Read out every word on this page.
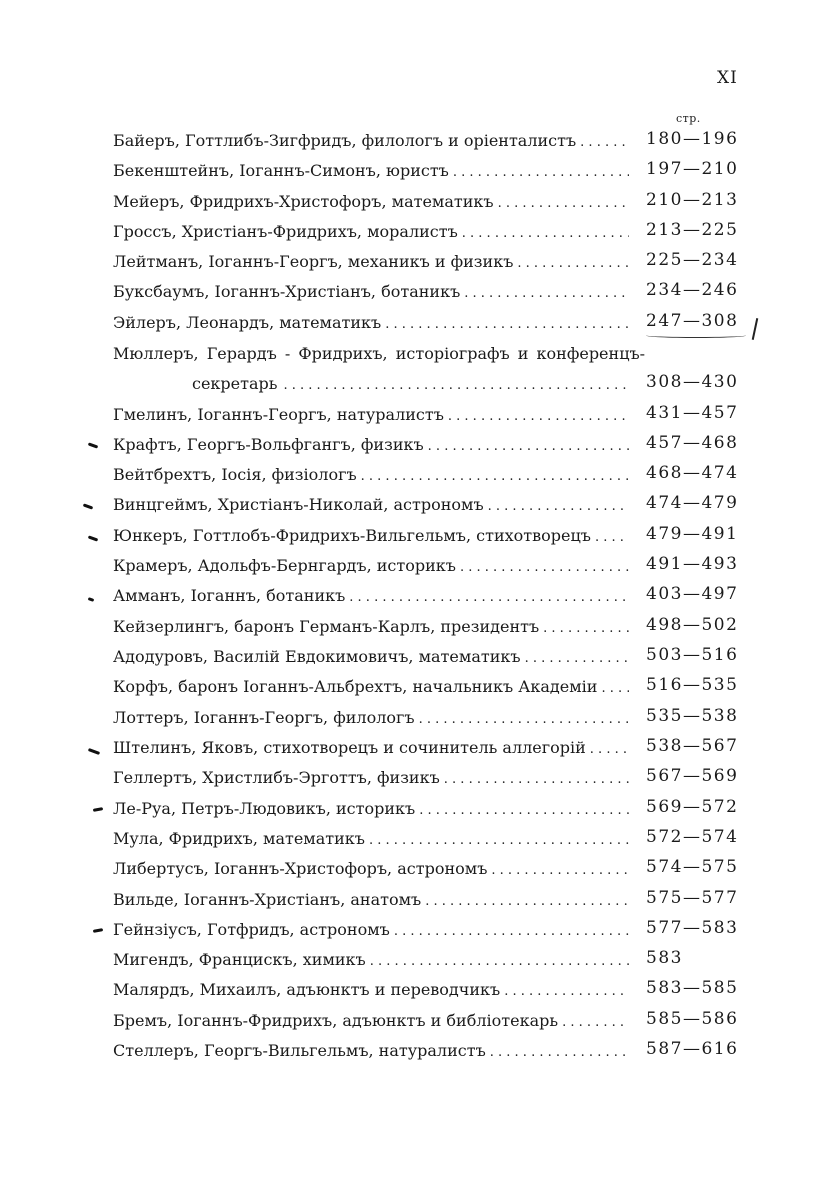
XI
стр.
Байеръ, Готтлибъ-Зигфридъ, филологъ и оріенталистъ . . .	180—196
Бекенштейнъ, Іоганнъ-Симонъ, юристъ . . .	197—210
Мейеръ, Фридрихъ-Христофоръ, математикъ . . .	210—213
Гроссъ, Христіанъ-Фридрихъ, моралистъ . . .	213—225
Лейтманъ, Іоганнъ-Георгъ, механикъ и физикъ . . .	225—234
Буксбаумъ, Іоганнъ-Христіанъ, ботаникъ . . .	234—246
Эйлеръ, Леонардъ, математикъ . . .	247—308
Мюллеръ, Герардъ - Фридрихъ, исторіографъ и конференцъ-
секретарь . . .	308—430
Гмелинъ, Іоганнъ-Георгъ, натуралистъ . . .	431—457
Крафтъ, Георгъ-Вольфгангъ, физикъ . . .	457—468
Вейтбрехтъ, Іосія, физіологъ . . .	468—474
Винцгеймъ, Христіанъ-Николай, астрономъ . . .	474—479
Юнкеръ, Готтлобъ-Фридрихъ-Вильгельмъ, стихотворецъ . . .	479—491
Крамеръ, Адольфъ-Бернгардъ, историкъ . . .	491—493
Амманъ, Іоганнъ, ботаникъ . . .	403—497
Кейзерлингъ, баронъ Германъ-Карлъ, президентъ . . .	498—502
Адодуровъ, Василій Евдокимовичъ, математикъ . . .	503—516
Корфъ, баронъ Іоганнъ-Альбрехтъ, начальникъ Академіи . . .	516—535
Лоттеръ, Іоганнъ-Георгъ, филологъ . . .	535—538
Штелинъ, Яковъ, стихотворецъ и сочинитель аллегорій . . .	538—567
Геллертъ, Христлибъ-Эрготтъ, физикъ . . .	567—569
Ле-Руа, Петръ-Людовикъ, историкъ . . .	569—572
Мула, Фридрихъ, математикъ . . .	572—574
Либертусъ, Іоганнъ-Христофоръ, астрономъ . . .	574—575
Вильде, Іоганнъ-Христіанъ, анатомъ . . .	575—577
Гейнзіусъ, Готфридъ, астрономъ . . .	577—583
Мигендъ, Францискъ, химикъ . . .	583
Малярдъ, Михаилъ, адъюнктъ и переводчикъ . . .	583—585
Бремъ, Іоганнъ-Фридрихъ, адъюнктъ и библіотекарь . . .	585—586
Стеллеръ, Георгъ-Вильгельмъ, натуралистъ . . .	587—616
